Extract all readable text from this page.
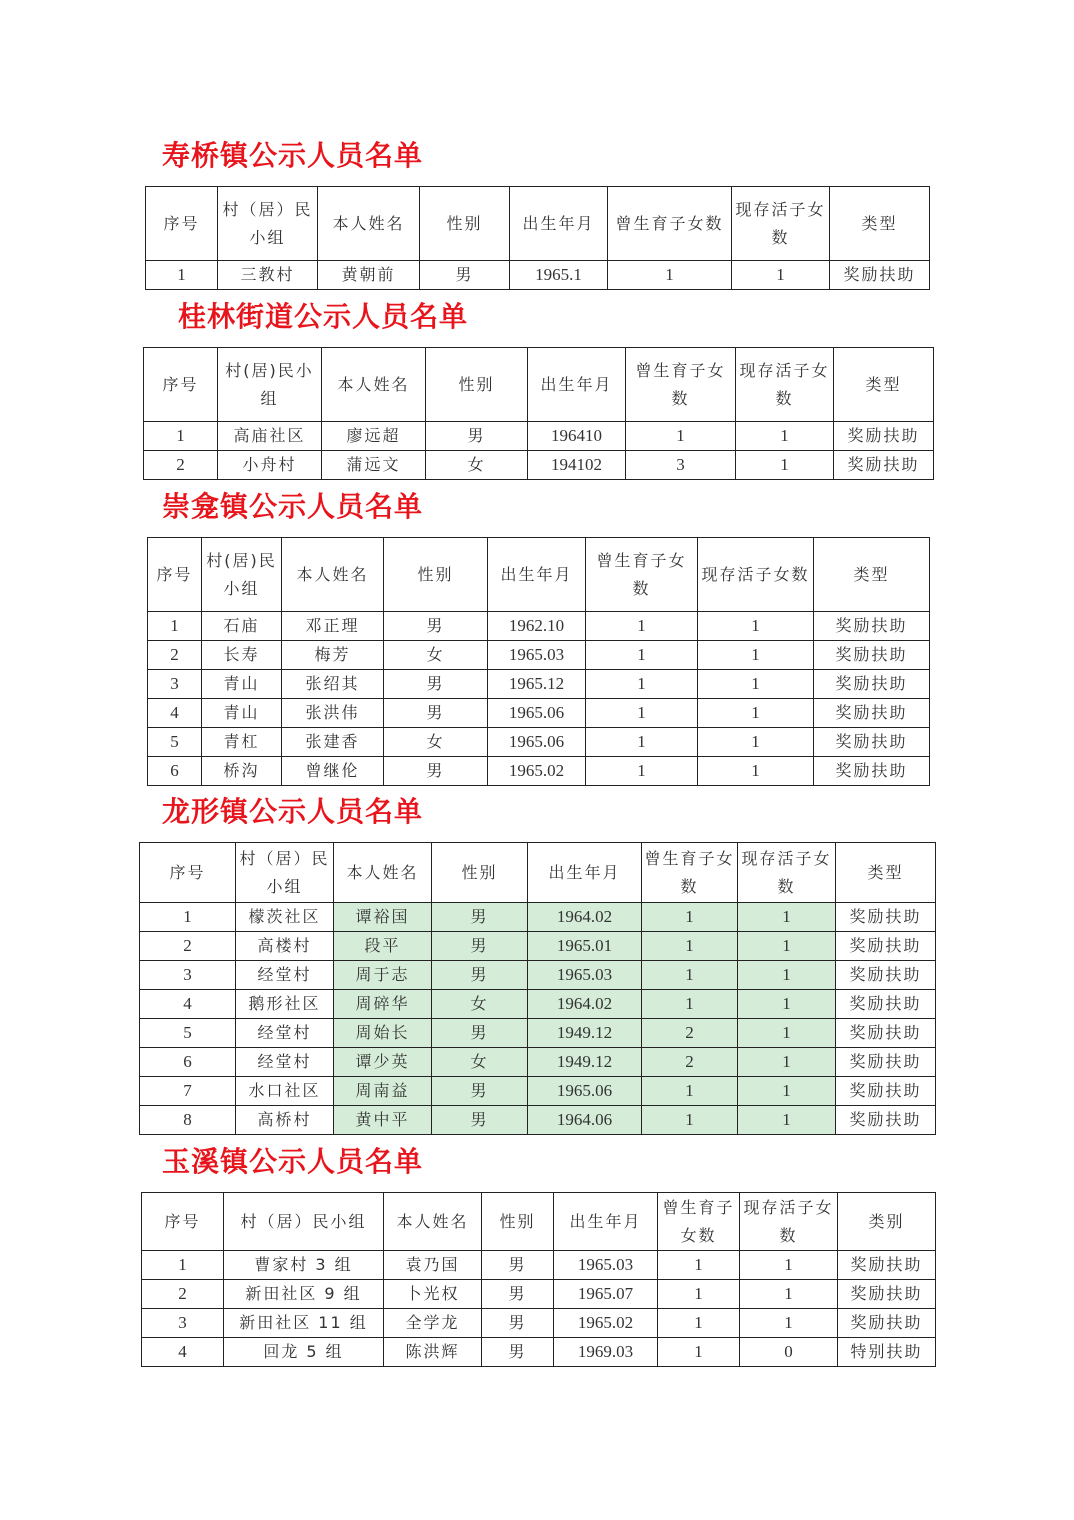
寿桥镇公示人员名单
序号	村（居）民小组	本人姓名	性别	出生年月	曾生育子女数	现存活子女数	类型
1	三教村	黄朝前	男	1965.1	1	1	奖励扶助
桂林街道公示人员名单
序号	村(居)民小组	本人姓名	性别	出生年月	曾生育子女数	现存活子女数	类型
1	高庙社区	廖远超	男	196410	1	1	奖励扶助
2	小舟村	蒲远文	女	194102	3	1	奖励扶助
崇龛镇公示人员名单
序号	村(居)民小组	本人姓名	性别	出生年月	曾生育子女数	现存活子女数	类型
1	石庙	邓正理	男	1962.10	1	1	奖励扶助
2	长寿	梅芳	女	1965.03	1	1	奖励扶助
3	青山	张绍其	男	1965.12	1	1	奖励扶助
4	青山	张洪伟	男	1965.06	1	1	奖励扶助
5	青杠	张建香	女	1965.06	1	1	奖励扶助
6	桥沟	曾继伦	男	1965.02	1	1	奖励扶助
龙形镇公示人员名单
序号	村（居）民小组	本人姓名	性别	出生年月	曾生育子女数	现存活子女数	类型
1	檬茨社区	谭裕国	男	1964.02	1	1	奖励扶助
2	高楼村	段平	男	1965.01	1	1	奖励扶助
3	经堂村	周于志	男	1965.03	1	1	奖励扶助
4	鹅形社区	周碎华	女	1964.02	1	1	奖励扶助
5	经堂村	周始长	男	1949.12	2	1	奖励扶助
6	经堂村	谭少英	女	1949.12	2	1	奖励扶助
7	水口社区	周南益	男	1965.06	1	1	奖励扶助
8	高桥村	黄中平	男	1964.06	1	1	奖励扶助
玉溪镇公示人员名单
序号	村（居）民小组	本人姓名	性别	出生年月	曾生育子女数	现存活子女数	类别
1	曹家村 3 组	袁乃国	男	1965.03	1	1	奖励扶助
2	新田社区 9 组	卜光权	男	1965.07	1	1	奖励扶助
3	新田社区 11 组	全学龙	男	1965.02	1	1	奖励扶助
4	回龙 5 组	陈洪辉	男	1969.03	1	0	特别扶助
